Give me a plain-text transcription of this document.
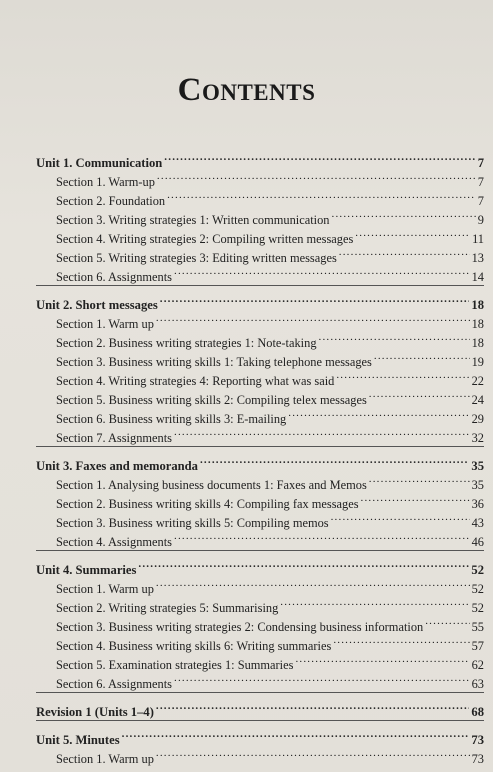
Contents
Unit 1. Communication .....	7
Section 1. Warm-up .....	7
Section 2. Foundation .....	7
Section 3. Writing strategies 1: Written communication .....	9
Section 4. Writing strategies 2: Compiling written messages .....	11
Section 5. Writing strategies 3: Editing written messages .....	13
Section 6. Assignments .....	14
Unit 2. Short messages .....	18
Section 1. Warm up .....	18
Section 2. Business writing strategies 1: Note-taking .....	18
Section 3. Business writing skills 1: Taking telephone messages .....	19
Section 4. Writing strategies 4: Reporting what was said .....	22
Section 5. Business writing skills 2: Compiling telex messages .....	24
Section 6. Business writing skills 3: E-mailing .....	29
Section 7. Assignments .....	32
Unit 3. Faxes and memoranda .....	35
Section 1. Analysing business documents 1: Faxes and Memos .....	35
Section 2. Business writing skills 4: Compiling fax messages .....	36
Section 3. Business writing skills 5: Compiling memos .....	43
Section 4. Assignments .....	46
Unit 4. Summaries .....	52
Section 1. Warm up .....	52
Section 2. Writing strategies 5: Summarising .....	52
Section 3. Business writing strategies 2: Condensing business information .....	55
Section 4. Business writing skills 6: Writing summaries .....	57
Section 5. Examination strategies 1: Summaries .....	62
Section 6. Assignments .....	63
Revision 1 (Units 1–4) .....	68
Unit 5. Minutes .....	73
Section 1. Warm up .....	73
